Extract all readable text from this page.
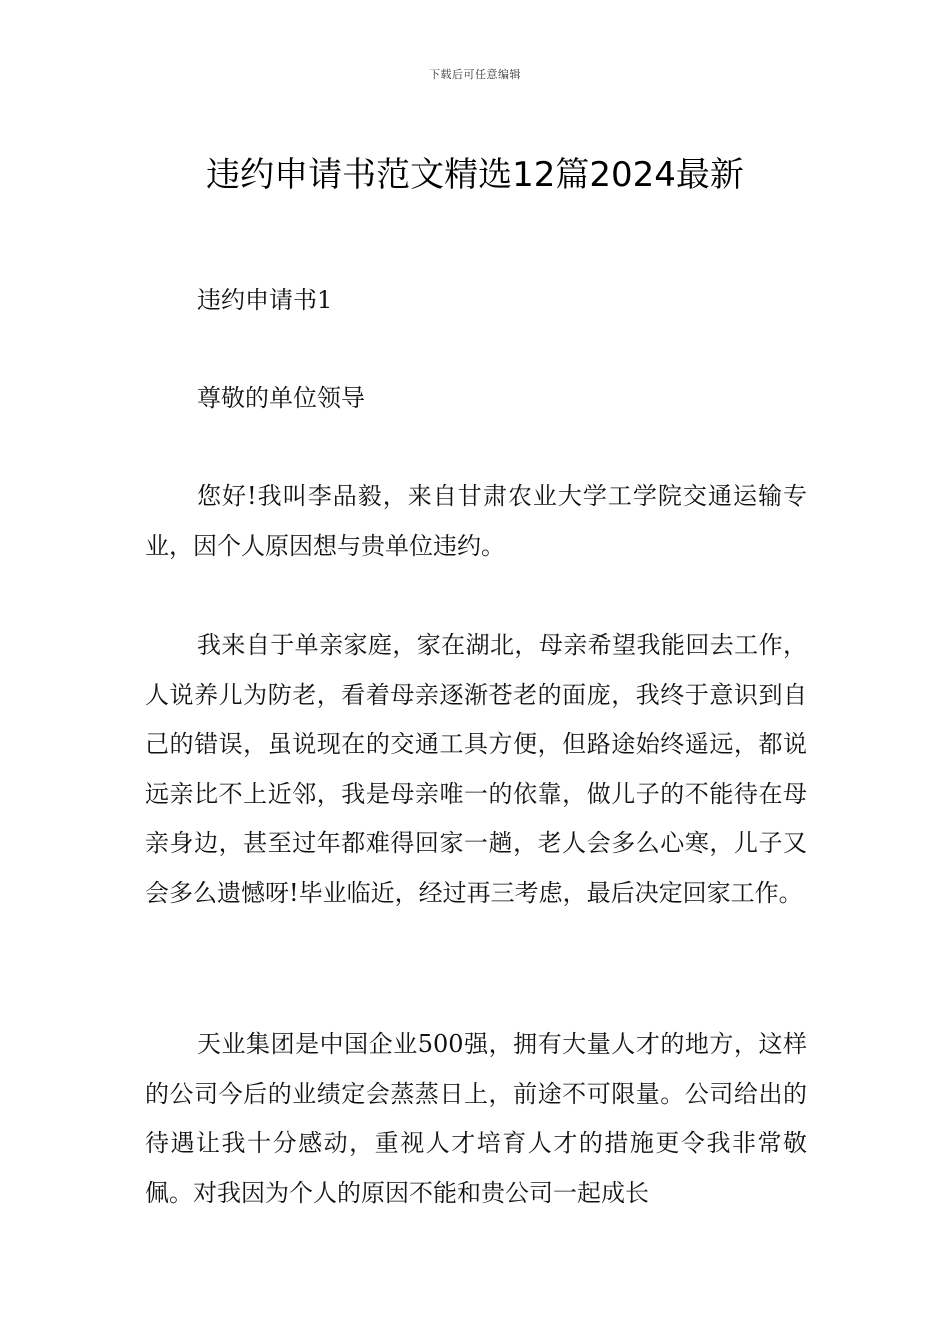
下载后可任意编辑
违约申请书范文精选12篇2024最新
违约申请书1
尊敬的单位领导

您好!我叫李品毅，来自甘肃农业大学工学院交通运输专业，因个人原因想与贵单位违约。

我来自于单亲家庭，家在湖北，母亲希望我能回去工作，人说养儿为防老，看着母亲逐渐苍老的面庞，我终于意识到自己的错误，虽说现在的交通工具方便，但路途始终遥远，都说远亲比不上近邻，我是母亲唯一的依靠，做儿子的不能待在母亲身边，甚至过年都难得回家一趟，老人会多么心寒，儿子又会多么遗憾呀!毕业临近，经过再三考虑，最后决定回家工作。

天业集团是中国企业500强，拥有大量人才的地方，这样的公司今后的业绩定会蒸蒸日上，前途不可限量。公司给出的待遇让我十分感动，重视人才培育人才的措施更令我非常敬佩。对我因为个人的原因不能和贵公司一起成长
